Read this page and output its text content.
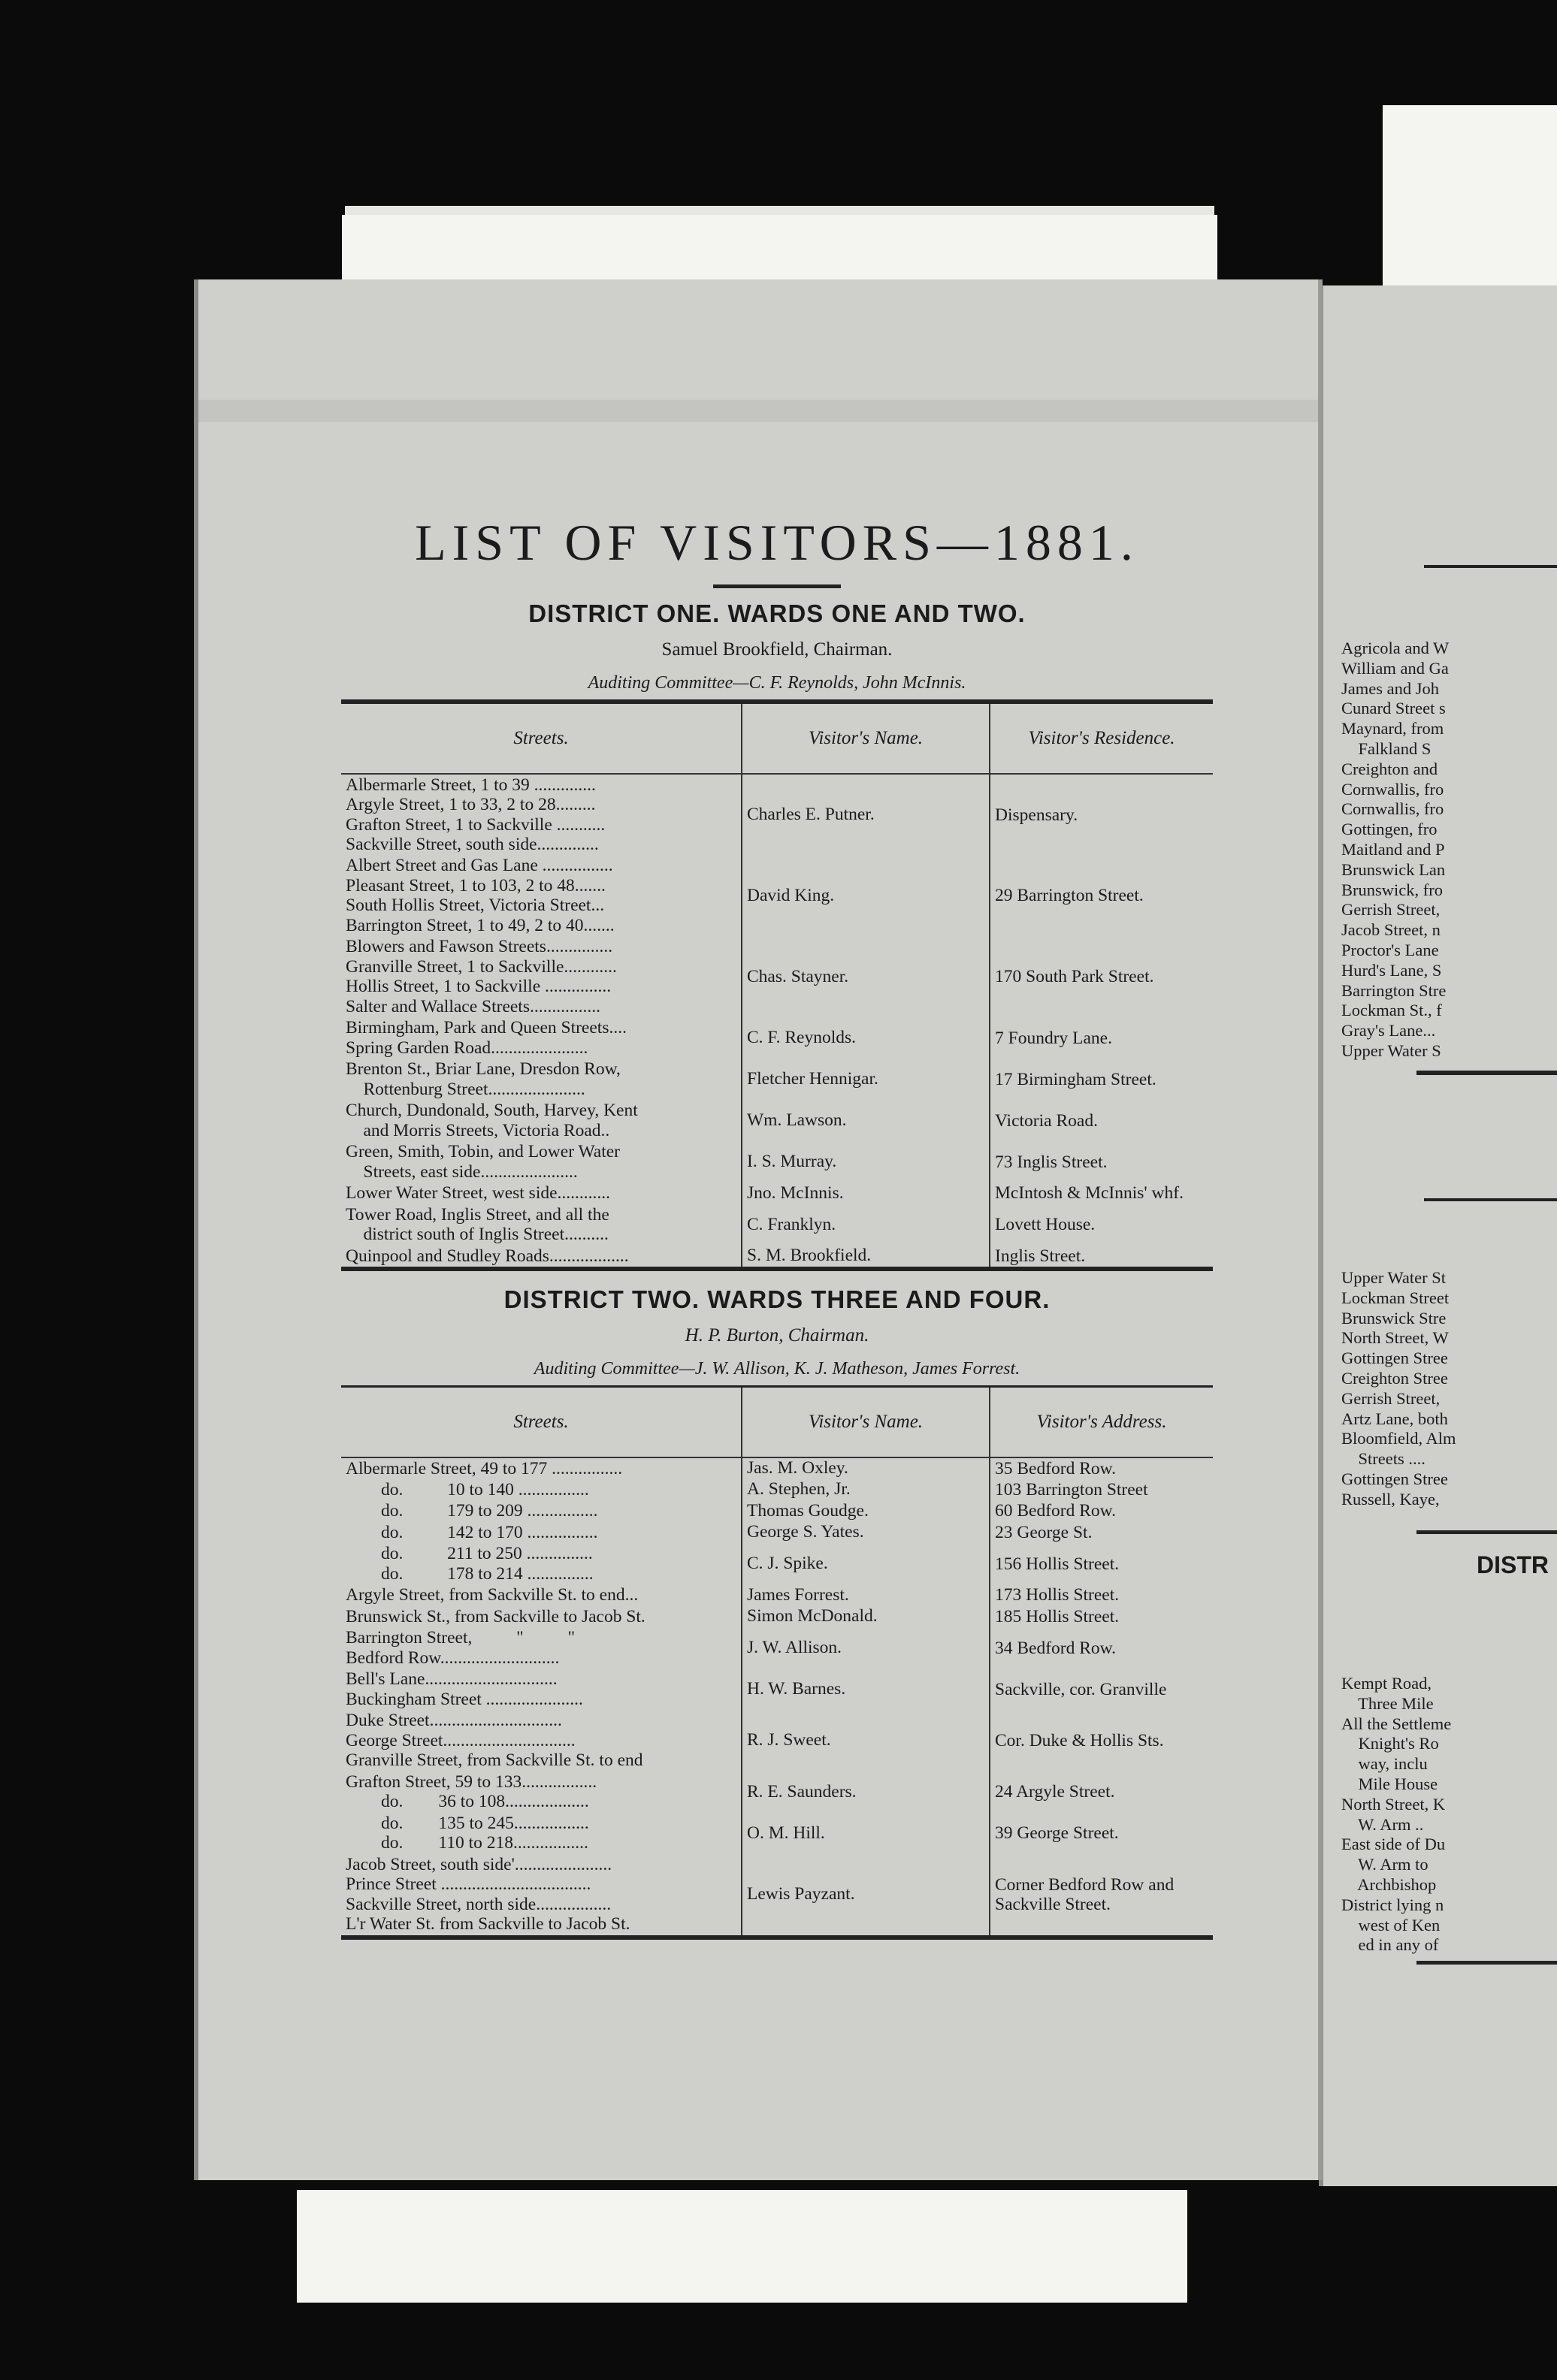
LIST OF VISITORS—1881.
DISTRICT ONE. WARDS ONE AND TWO.
Samuel Brookfield, Chairman.
Auditing Committee—C. F. Reynolds, John McInnis.
Streets.	Visitor's Name.	Visitor's Residence.

Albermarle Street, 1 to 39 ..............
Argyle Street, 1 to 33, 2 to 28.........
Grafton Street, 1 to Sackville ...........
Sackville Street, south side..............	Charles E. Putner.	Dispensary.

Albert Street and Gas Lane ................
Pleasant Street, 1 to 103, 2 to 48.......
South Hollis Street, Victoria Street...
Barrington Street, 1 to 49, 2 to 40.......	David King.	29 Barrington Street.

Blowers and Fawson Streets...............
Granville Street, 1 to Sackville............
Hollis Street, 1 to Sackville ...............
Salter and Wallace Streets................	Chas. Stayner.	170 South Park Street.

Birmingham, Park and Queen Streets....
Spring Garden Road......................	C. F. Reynolds.	7 Foundry Lane.

Brenton St., Briar Lane, Dresdon Row,
Rottenburg Street......................	Fletcher Hennigar.	17 Birmingham Street.

Church, Dundonald, South, Harvey, Kent
and Morris Streets, Victoria Road..	Wm. Lawson.	Victoria Road.

Green, Smith, Tobin, and Lower Water
Streets, east side......................	I. S. Murray.	73 Inglis Street.

Lower Water Street, west side............	Jno. McInnis.	McIntosh & McInnis' whf.

Tower Road, Inglis Street, and all the
district south of Inglis Street..........	C. Franklyn.	Lovett House.

Quinpool and Studley Roads..................	S. M. Brookfield.	Inglis Street.
DISTRICT TWO. WARDS THREE AND FOUR.
H. P. Burton, Chairman.
Auditing Committee—J. W. Allison, K. J. Matheson, James Forrest.
Streets.	Visitor's Name.	Visitor's Address.

Albermarle Street, 49 to 177 ................	Jas. M. Oxley.	35 Bedford Row.

do.          10 to 140 ................	A. Stephen, Jr.	103 Barrington Street

do.          179 to 209 ................	Thomas Goudge.	60 Bedford Row.

do.          142 to 170 ................	George S. Yates.	23 George St.

do.          211 to 250 ...............
do.          178 to 214 ...............	C. J. Spike.	156 Hollis Street.

Argyle Street, from Sackville St. to end...	James Forrest.	173 Hollis Street.

Brunswick St., from Sackville to Jacob St.	Simon McDonald.	185 Hollis Street.

Barrington Street,          "          "
Bedford Row...........................	J. W. Allison.	34 Bedford Row.

Bell's Lane..............................
Buckingham Street ......................	H. W. Barnes.	Sackville, cor. Granville

Duke Street..............................
George Street..............................
Granville Street, from Sackville St. to end	R. J. Sweet.	Cor. Duke & Hollis Sts.

Grafton Street, 59 to 133.................
do.        36 to 108...................	R. E. Saunders.	24 Argyle Street.

do.        135 to 245.................
do.        110 to 218.................	O. M. Hill.	39 George Street.

Jacob Street, south side'......................
Prince Street ..................................
Sackville Street, north side.................
L'r Water St. from Sackville to Jacob St.	Lewis Payzant.	Corner Bedford Row and
Sackville Street.
Agricola and W
William and Ga
James and Joh
Cunard Street s
Maynard, from
Falkland S
Creighton and
Cornwallis, fro
Cornwallis, fro
Gottingen, fro
Maitland and P
Brunswick Lan
Brunswick, fro
Gerrish Street,
Jacob Street, n
Proctor's Lane
Hurd's Lane, S
Barrington Stre
Lockman St., f
Gray's Lane...
Upper Water S
Upper Water St
Lockman Street
Brunswick Stre
North Street, W
Gottingen Stree
Creighton Stree
Gerrish Street,
Artz Lane, both
Bloomfield, Alm
Streets ....
Gottingen Stree
Russell, Kaye,
DISTR
Kempt Road,
Three Mile
All the Settleme
Knight's Ro
way, inclu
Mile House
North Street, K
W. Arm ..
East side of Du
W. Arm to
Archbishop
District lying n
west of Ken
ed in any of
